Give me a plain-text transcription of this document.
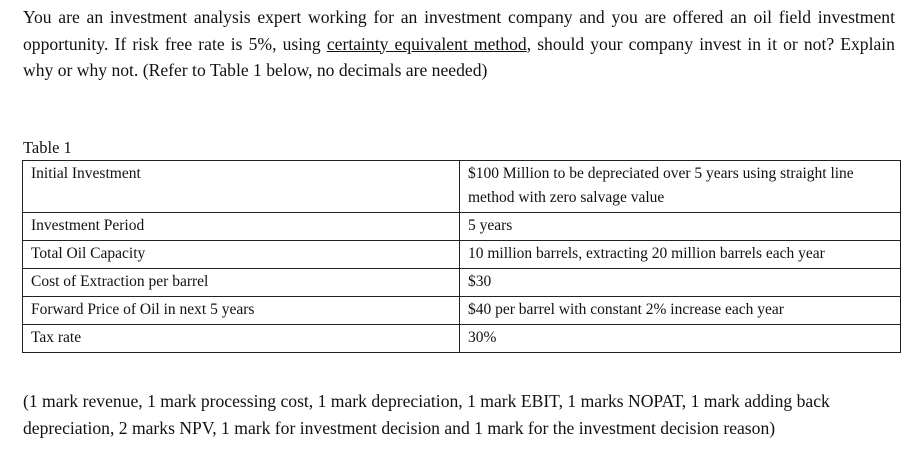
You are an investment analysis expert working for an investment company and you are offered an oil field investment opportunity. If risk free rate is 5%, using certainty equivalent method, should your company invest in it or not? Explain why or why not. (Refer to Table 1 below, no decimals are needed)

Table 1
Initial Investment	$100 Million to be depreciated over 5 years using straight line method with zero salvage value
Investment Period	5 years
Total Oil Capacity	10 million barrels, extracting 20 million barrels each year
Cost of Extraction per barrel	$30
Forward Price of Oil in next 5 years	$40 per barrel with constant 2% increase each year
Tax rate	30%

(1 mark revenue, 1 mark processing cost, 1 mark depreciation, 1 mark EBIT, 1 marks NOPAT, 1 mark adding back depreciation, 2 marks NPV, 1 mark for investment decision and 1 mark for the investment decision reason)
